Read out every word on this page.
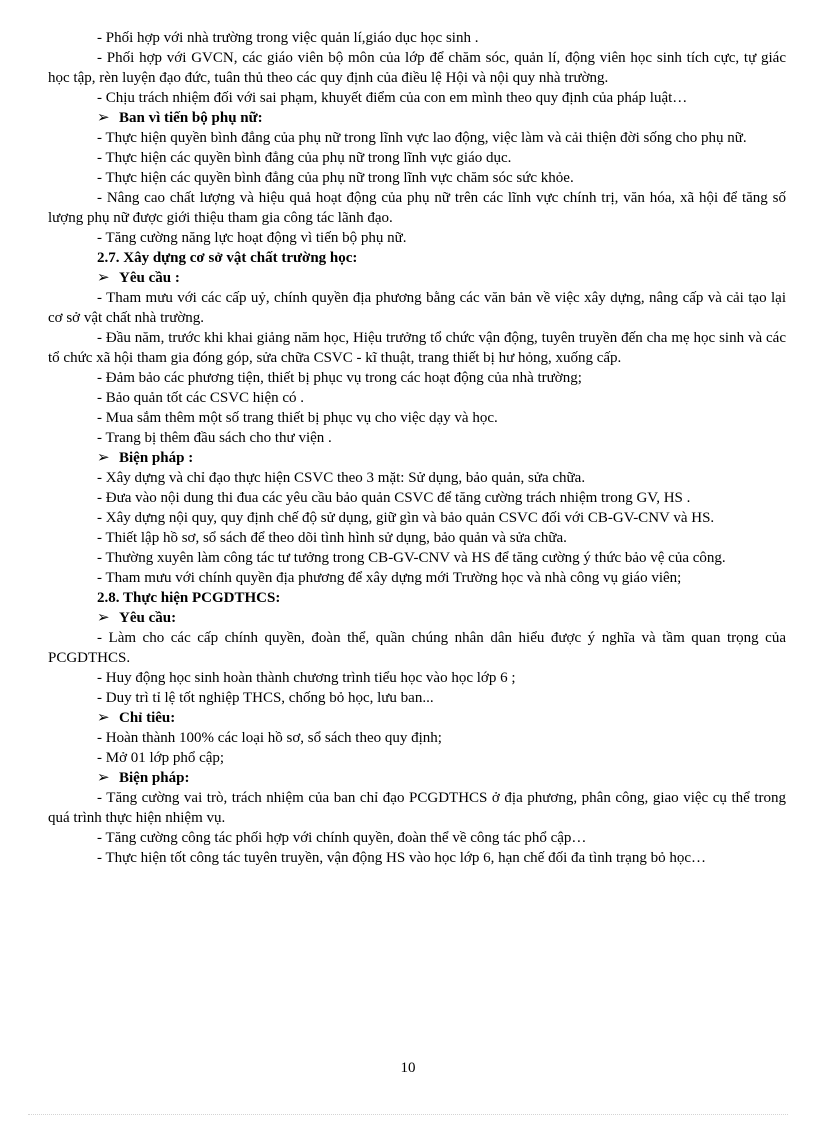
- Phối hợp với nhà trường trong việc quản lí,giáo dục học sinh .

- Phối hợp với GVCN, các giáo viên bộ môn của lớp để chăm sóc, quản lí, động viên học sinh tích cực, tự giác học tập, rèn luyện đạo đức, tuân thủ theo các quy định của điều lệ Hội và nội quy nhà trường.

- Chịu trách nhiệm đối với sai phạm, khuyết điểm của con em mình theo quy định của pháp luật…

➢ Ban vì tiến bộ phụ nữ:

- Thực hiện quyền bình đẳng của phụ nữ trong lĩnh vực lao động, việc làm và cải thiện đời sống cho phụ nữ.

- Thực hiện các quyền bình đẳng của phụ nữ trong lĩnh vực giáo dục.

- Thực hiện các quyền bình đẳng của phụ nữ trong lĩnh vực chăm sóc sức khỏe.

- Nâng cao chất lượng và hiệu quả hoạt động của phụ nữ trên các lĩnh vực chính trị, văn hóa, xã hội để tăng số lượng phụ nữ được giới thiệu tham gia công tác lãnh đạo.

- Tăng cường năng lực hoạt động vì tiến bộ phụ nữ.

2.7. Xây dựng cơ sở vật chất trường học:

➢ Yêu cầu :

- Tham mưu với các cấp uỷ, chính quyền địa phương bằng các văn bản về việc xây dựng, nâng cấp và cải tạo lại cơ sở vật chất nhà trường.

- Đầu năm, trước khi khai giảng năm học, Hiệu trưởng tổ chức vận động, tuyên truyền đến cha mẹ học sinh và các tổ chức xã hội tham gia đóng góp, sửa chữa CSVC - kĩ thuật, trang thiết bị hư hỏng, xuống cấp.

- Đảm bảo các phương tiện, thiết bị phục vụ trong các hoạt động của nhà trường;

- Bảo quản tốt các CSVC hiện có .

- Mua sắm thêm một số trang thiết bị phục vụ cho việc dạy và học.

- Trang bị thêm đầu sách cho thư viện .

➢ Biện pháp :

- Xây dựng và chỉ đạo thực hiện CSVC theo 3 mặt: Sử dụng, bảo quản, sửa chữa.

- Đưa vào nội dung thi đua các yêu cầu bảo quản CSVC để tăng cường trách nhiệm trong GV, HS .

- Xây dựng nội quy, quy định chế độ sử dụng, giữ gìn và bảo quản CSVC đối với CB-GV-CNV và HS.

- Thiết lập hồ sơ, sổ sách để theo dõi tình hình sử dụng, bảo quản và sửa chữa.

- Thường xuyên làm công tác tư tưởng trong CB-GV-CNV và HS để tăng cường ý thức bảo vệ của công.

- Tham mưu với chính quyền địa phương để xây dựng mới Trường học và nhà công vụ giáo viên;

2.8. Thực hiện PCGDTHCS:

➢ Yêu cầu:

- Làm cho các cấp chính quyền, đoàn thể, quần chúng nhân dân hiểu được ý nghĩa và tầm quan trọng của PCGDTHCS.

- Huy động học sinh hoàn thành chương trình tiểu học vào học lớp 6 ;

- Duy trì tỉ lệ tốt nghiệp THCS, chống bỏ học, lưu ban...

➢ Chỉ tiêu:

- Hoàn thành 100% các loại hồ sơ, sổ sách theo quy định;

- Mở 01 lớp phổ cập;

➢ Biện pháp:

- Tăng cường vai trò, trách nhiệm của ban chỉ đạo PCGDTHCS ở địa phương, phân công, giao việc cụ thể trong quá trình thực hiện nhiệm vụ.

- Tăng cường công tác phối hợp với chính quyền, đoàn thể về công tác phổ cập…

- Thực hiện tốt công tác tuyên truyền, vận động HS vào học lớp 6, hạn chế đối đa tình trạng bỏ học…

10
